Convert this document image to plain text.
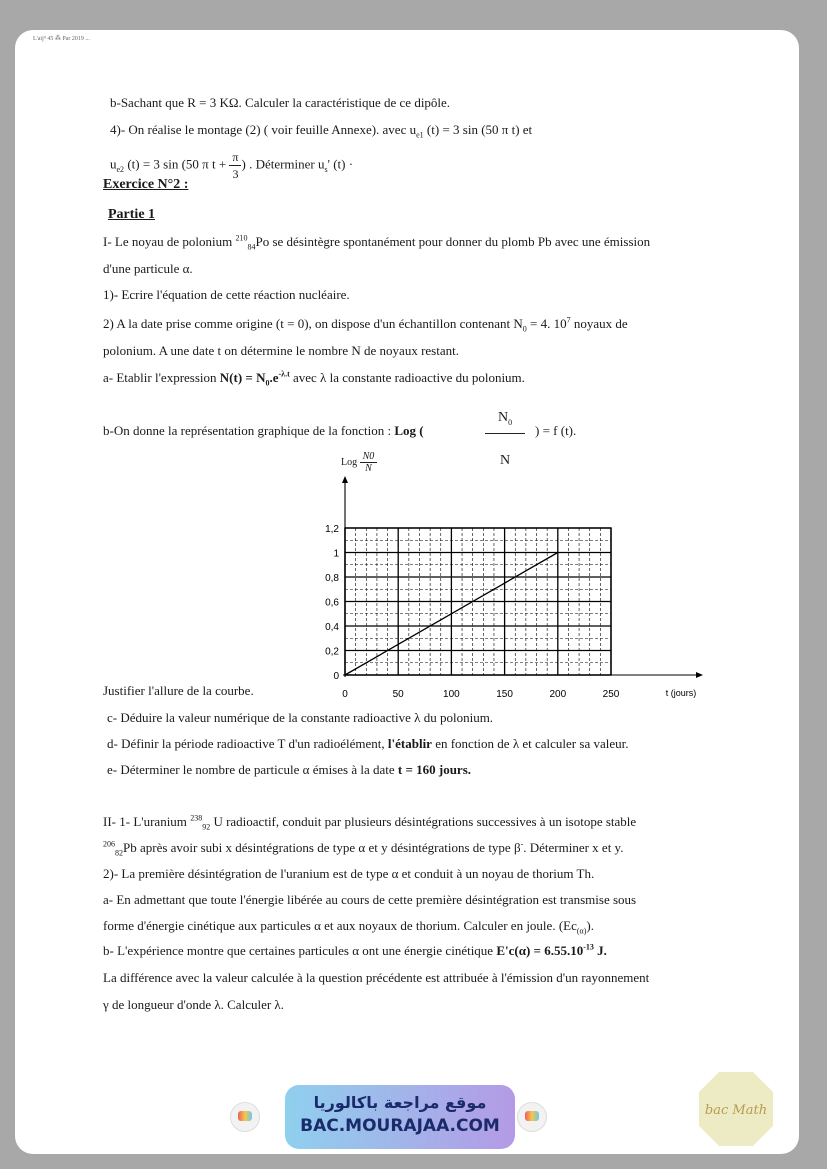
L'aij⁹ 45 ⁂ Par 2019 ...
b-Sachant que R = 3 KΩ. Calculer la caractéristique de ce dipôle.
4)- On réalise le montage (2) ( voir feuille Annexe). avec $u_{e1}$ (t) = 3 sin (50 π t) et
$u_{e2}$ (t) = 3 sin (50 π $t + \frac{\pi}{3}$ ) . Déterminer $u_s'$ (t) ·
Exercice N°2 :
Partie 1
I- Le noyau de polonium $^{210}_{84}$Po se désintègre spontanément pour donner du plomb Pb avec une émission
d'une particule α.
1)- Ecrire l'équation de cette réaction nucléaire.
2) A la date prise comme origine (t = 0), on dispose d'un échantillon contenant $N_0 = 4$. $10^7$ noyaux de
polonium. A une date t on détermine le nombre N de noyaux restant.
a- Etablir l'expression $N(t) = N_0.e^{-\lambda.t}$ avec λ la constante radioactive du polonium.
b-On donne la représentation graphique de la fonction : Log (
$N_0$
N
) = f (t).
0
0,2
0,4
0,6
0,8
1
1,2
0	50	100	150	200	250	t (jours)
Log $\frac{N0}{N}$
Justifier l'allure de la courbe.
c- Déduire la valeur numérique de la constante radioactive λ du polonium.
d- Définir la période radioactive T d'un radioélément, l'établir en fonction de λ et calculer sa valeur.
e- Déterminer le nombre de particule α émises à la date t = 160 jours.
II- 1- L'uranium $^{238}_{92}$ U radioactif, conduit par plusieurs désintégrations successives à un isotope stable
$^{206}_{82}$Pb après avoir subi x désintégrations de type α et y désintégrations de type β-. Déterminer x et y.
2)- La première désintégration de l'uranium est de type α et conduit à un noyau de thorium Th.
a- En admettant que toute l'énergie libérée au cours de cette première désintégration est transmise sous
forme d'énergie cinétique aux particules α et aux noyaux de thorium. Calculer en joule. $(Ec_{(\alpha)})$.
b- L'expérience montre que certaines particules α ont une énergie cinétique $E'c(\alpha) = 6.55.10^{-13}$ J.
La différence avec la valeur calculée à la question précédente est attribuée à l'émission d'un rayonnement
γ de longueur d'onde λ. Calculer λ.
موقع مراجعة باكالوريا
BAC.MOURAJAA.COM
bac Math
